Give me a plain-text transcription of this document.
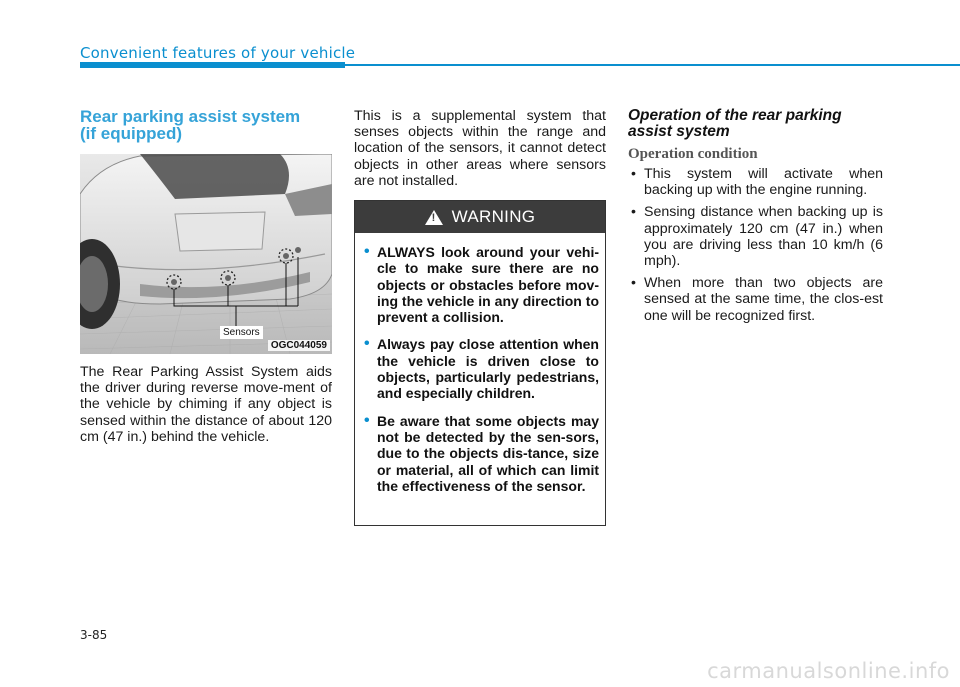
Convenient features of your vehicle
Rear parking assist system
(if equipped)
Sensors
OGC044059
The Rear Parking Assist System aids the driver during reverse move-ment of the vehicle by chiming if any object is sensed within the distance of about 120 cm (47 in.) behind the vehicle.
This is a supplemental system that senses objects within the range and location of the sensors, it cannot detect objects in other areas where sensors are not installed.
! WARNING
• ALWAYS look around your vehi-cle to make sure there are no objects or obstacles before mov-ing the vehicle in any direction to prevent a collision.
• Always pay close attention when the vehicle is driven close to objects, particularly pedestrians, and especially children.
• Be aware that some objects may not be detected by the sen-sors, due to the objects dis-tance, size or material, all of which can limit the effectiveness of the sensor.
Operation of the rear parking
assist system
Operation condition
• This system will activate when backing up with the engine running.
• Sensing distance when backing up is approximately 120 cm (47 in.) when you are driving less than 10 km/h (6 mph).
• When more than two objects are sensed at the same time, the clos-est one will be recognized first.
3-85
carmanualsonline.info
